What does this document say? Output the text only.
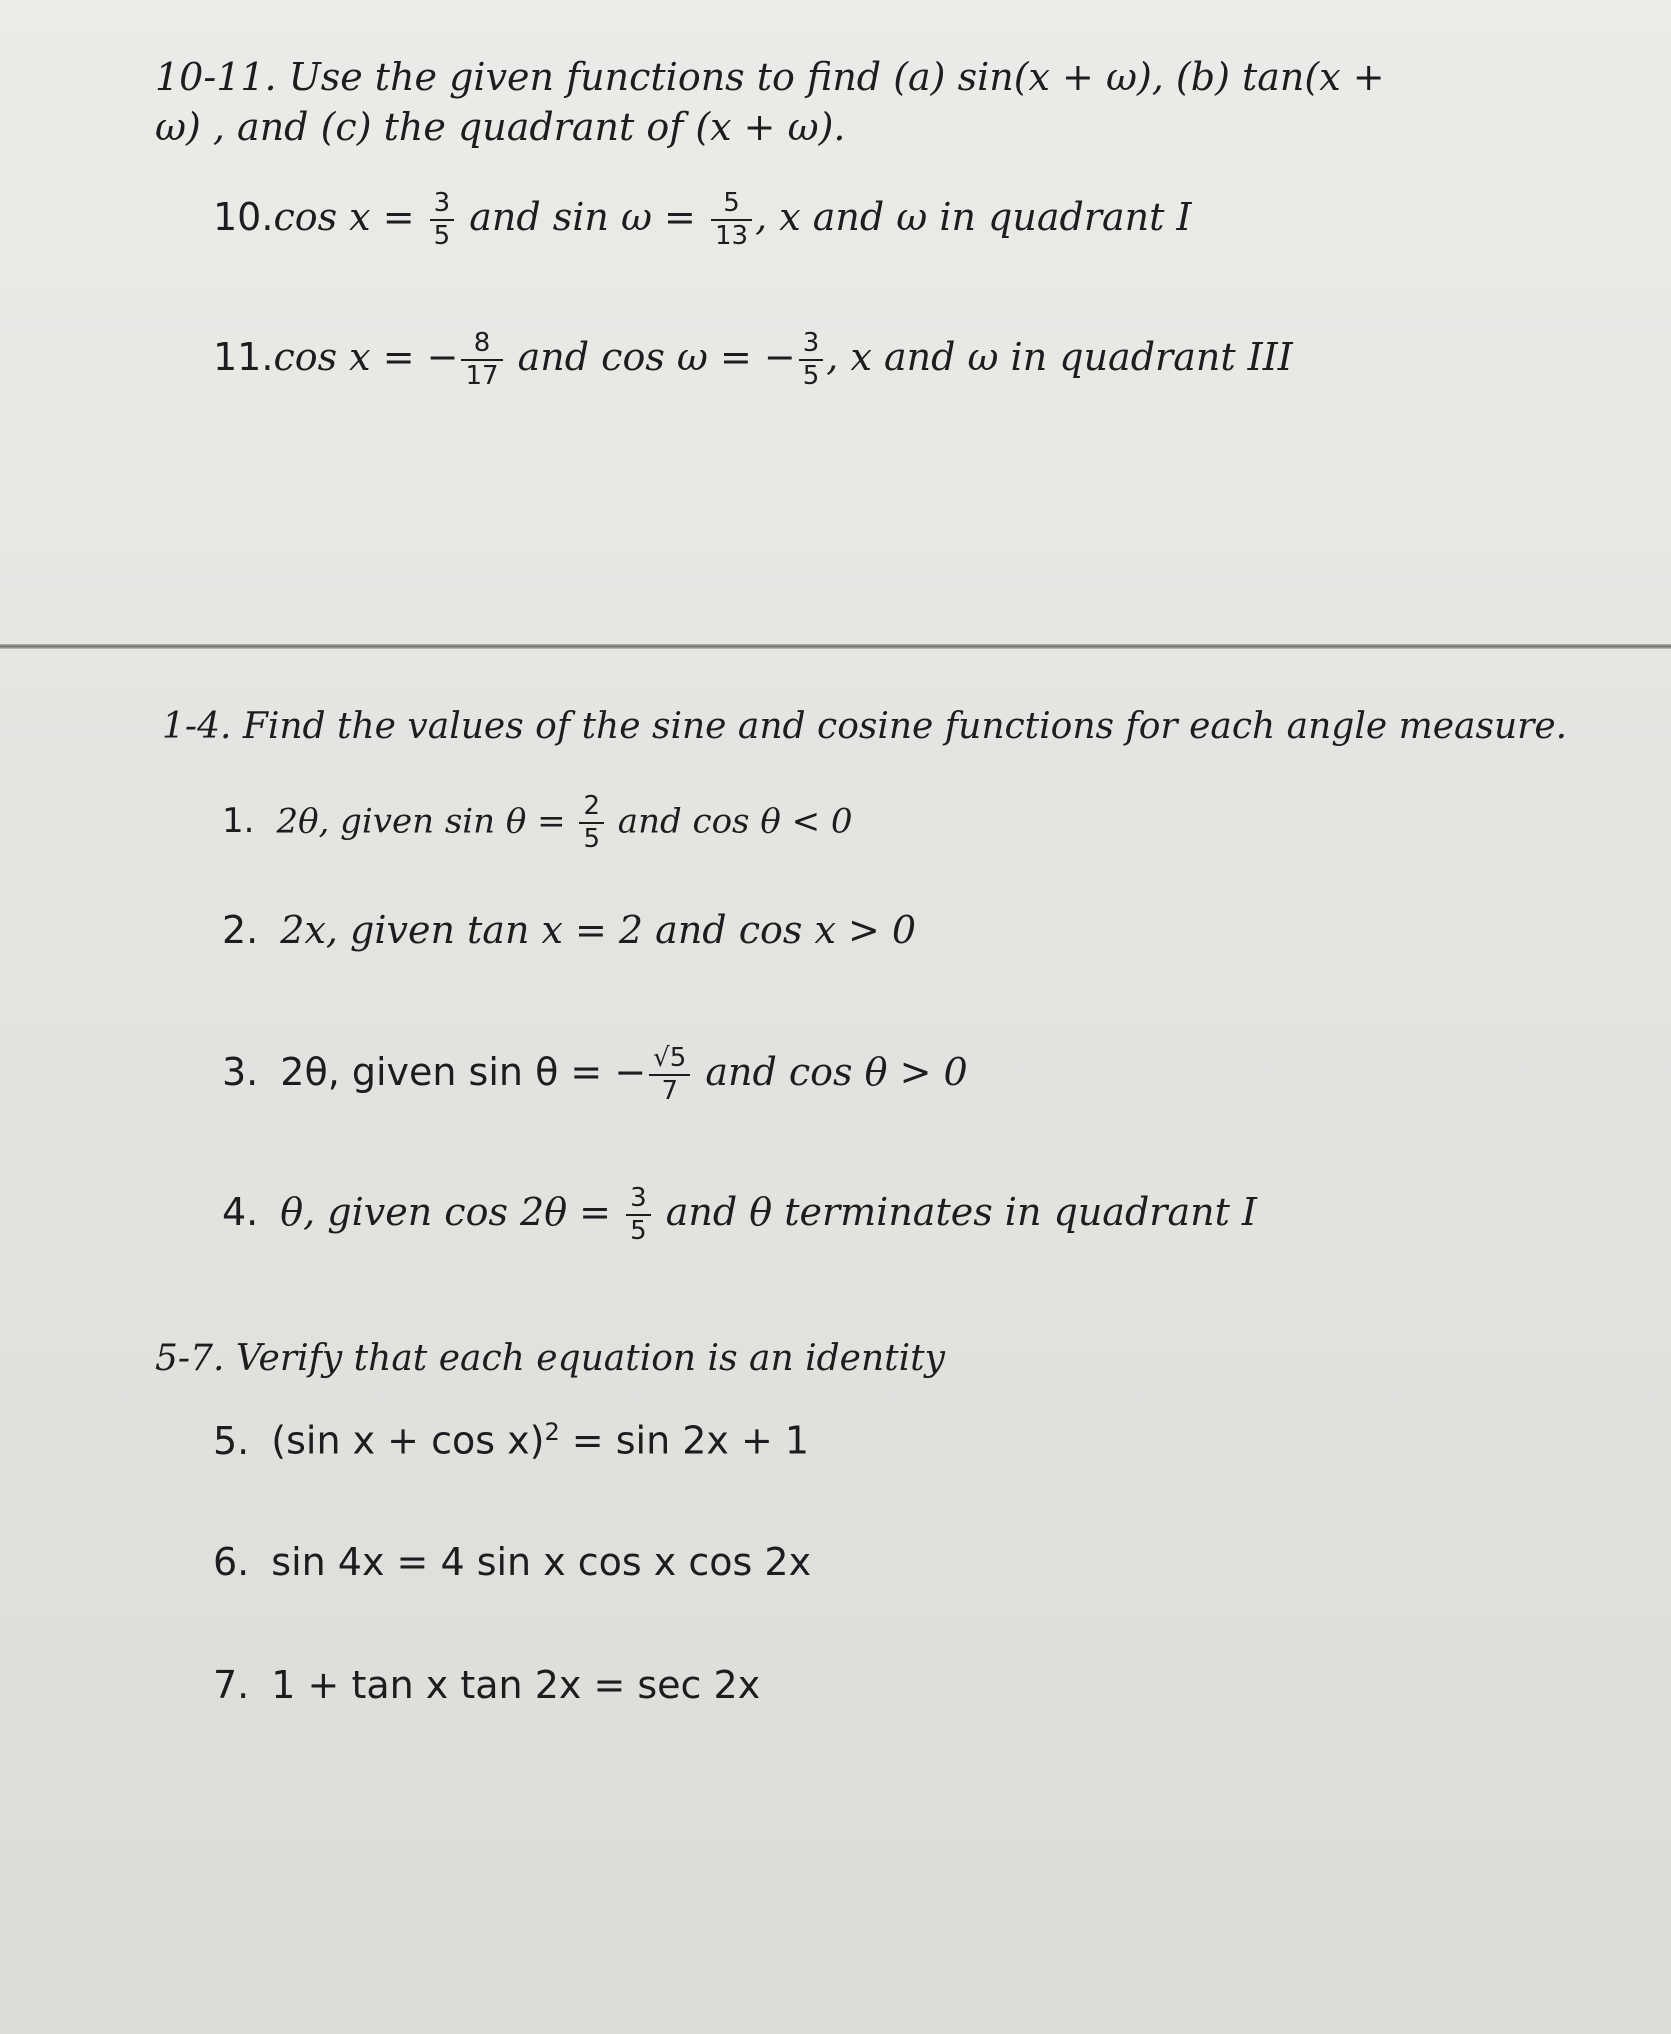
10-11. Use the given functions to find (a) sin(x + ω), (b) tan(x +
ω) , and (c) the quadrant of (x + ω).
10.cos $x = \frac{3}{5}$ and $\sin \omega = \frac{5}{13}$ , x and ω in quadrant I
11.cos x = − $\frac{8}{17}$ and cos ω = − $\frac{3}{5}$ , x and ω in quadrant III
1-4. Find the values of the sine and cosine functions for each angle measure.
1. 2θ, given $\sin \theta = \frac{2}{5}$ and cos θ < 0
2. 2x, given tan x = 2 and cos x > 0
3. 2θ, given sin θ = − $\frac{√5}{7}$ and cos θ > 0
4. θ, given $\cos 2\theta = \frac{3}{5}$ and θ terminates in quadrant I
5-7. Verify that each equation is an identity
5. (sin x + cos x)$^2$ = sin 2x + 1
6. sin 4x = 4 sin x cos x cos 2x
7. 1 + tan x tan 2x = sec 2x
